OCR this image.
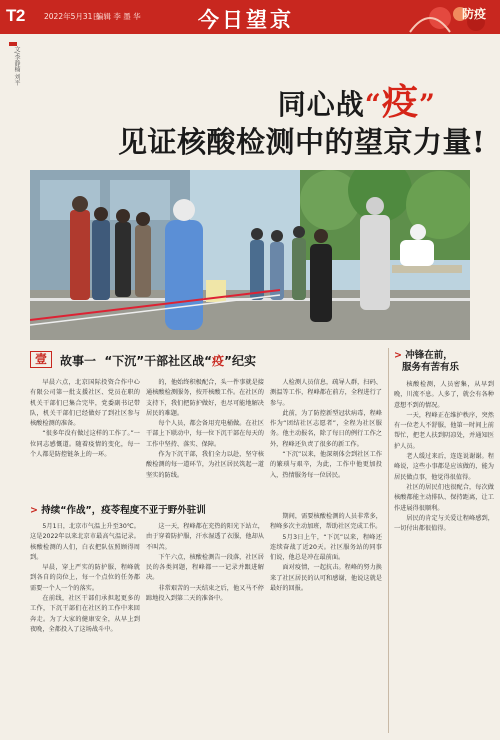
T2	2022年5月31日
编辑 李 墨 华	今日望京	防疫
文/李静楠 刘平
同心战“疫”
见证核酸检测中的望京力量!
壹	故事一 “下沉”干部社区战“疫”纪实

早晨六点，北京国际投资合作中心有限公司第一批支援社区、党员在职的机关干部们已集合完毕，党委副书记带队，机关干部们已经做好了到社区参与核酸检测的准备。

“很多年没有做过这样的工作了。”一位同志感慨道。随着疫情的变化，每一个人都是防控链条上的一环。

的，他始终积极配合，头一件事就是接通核酸检测服务，按开核酸工作。在社区的支持下，我们把防护做好，也尽可能地解决居民的难题。

每个人员，都会备用充电桶做。在社区干部上下联动中，每一位下沉干部在每天的工作中坚持、落实、保障。

作为下沉干部，我们全力以赴，坚守核酸检测的每一道环节，为社区居民筑起一道坚实的防线。

人检测人员信息，疏导人群，扫码、测温等工作，程峰都在前方，全程进行了参与。

此前，为了防控新型冠状病毒，程峰作为“团结社区志愿者”，全程为社区服务。他主动报名，除了每日的例行工作之外，程峰还负责了很多的新工作。

“下沉”以来，他深刻体会到社区工作的繁琐与艰辛，为此，工作中他更加投入，热情服务每一位居民。

> 持续“作战”，疫苓程度不亚于野外驻训

5月1日，北京市气温上升至30℃。这是2022年以来北京市最高气温记录。核酸检测的人们，白衣把队伍照顾得周到。

早晨，穿上严实的防护服，程峰就到各自的岗位上，每一个点位的任务都需要一个人一个的落实。

在前线，社区干部们承担起更多的工作，下沉干部们在社区的工作中来回奔走。为了大家的健康安全，从早上到夜晚，全都投入了这场战斗中。

这一天，程峰都在充热的阳光下站立，由于穿着防护服，汗水湿透了衣服，他却从不叫苦。

下午六点，核酸检测告一段落，社区居民的各类问题，程峰都一一记录并跟进解决。

非常艰苦的一天结束之后，他又马不停蹄地投入到第二天的准备中。

期间，需要核酸检测的人员非常多，程峰多次主动加班，帮助社区完成工作。

5月3日上午，“下沉”以来，程峰还连续奋战了近20天。社区服务站的同事们说，他总是冲在最前面。

面对疫情，一起抗击。程峰的努力换来了社区居民的认可和感谢，他说这就是最好的回报。

> 冲锋在前，
服务有苦有乐

核酸检测，人员密集，从早到晚，川流不息。人多了，就会有各种意想不到的情况。

一天，程峰正在维护秩序，突然有一位老人不舒服，他第一时间上前帮忙，把老人扶到阴凉处，并通知医护人员。

老人缓过来后，连连说谢谢。程峰说，这些小事都是应该做的，能为居民做点事，他觉得很值得。

社区的居民们也很配合，每次做核酸都能主动排队、保持距离，让工作进展得很顺利。

居民的肯定与关爱让程峰感到，一切付出都很值得。
